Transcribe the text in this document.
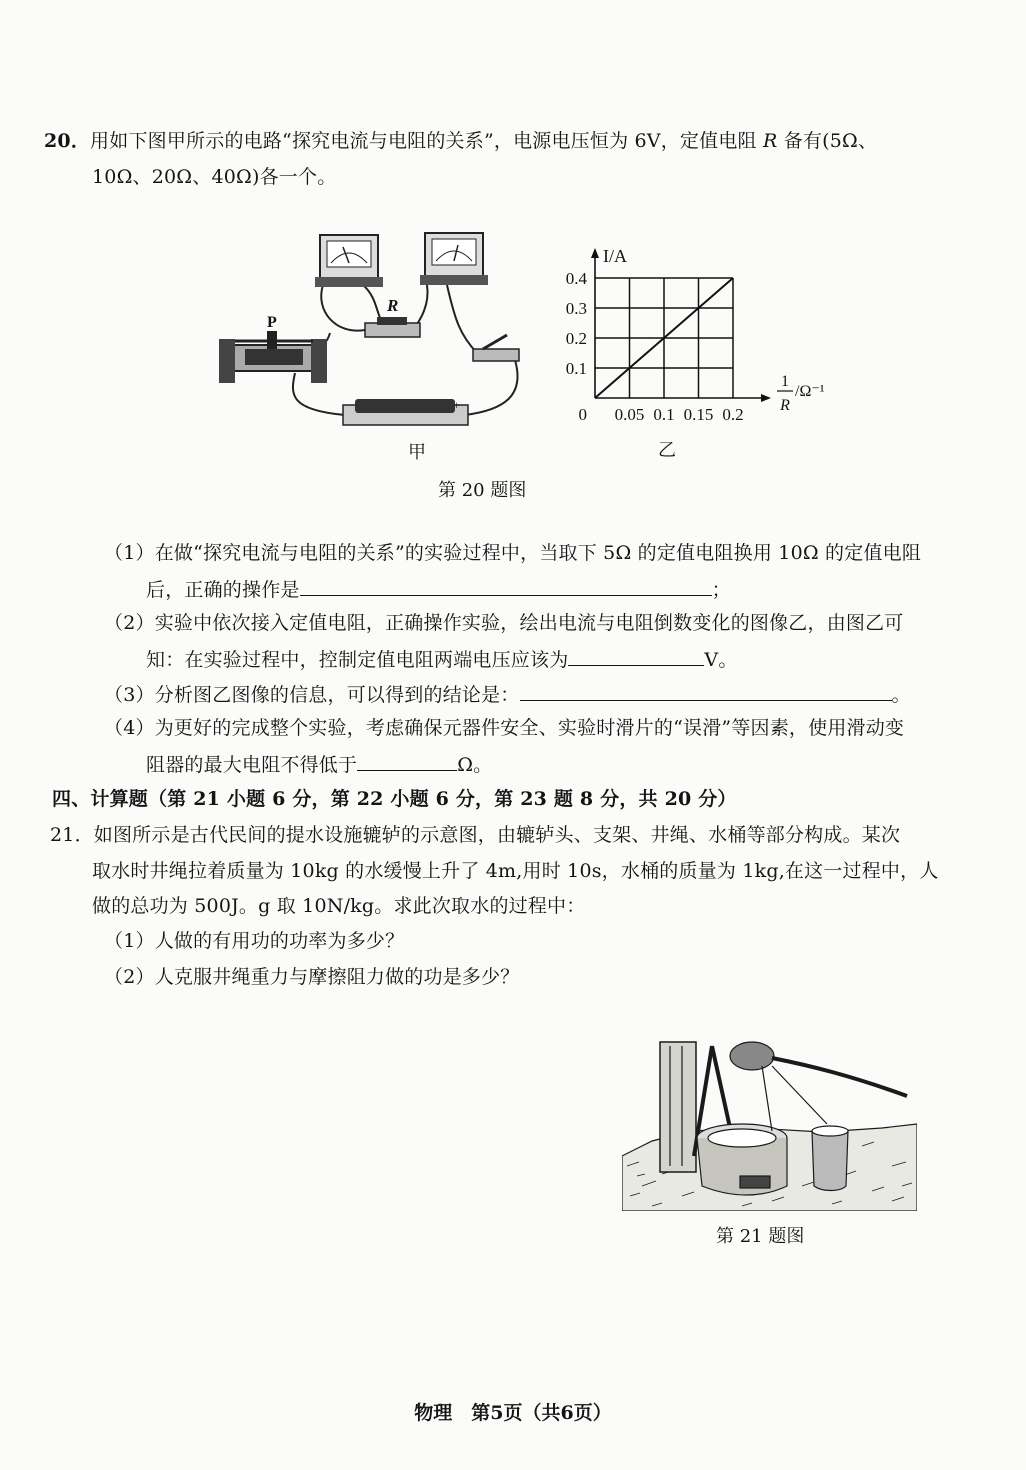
20．用如下图甲所示的电路“探究电流与电阻的关系”，电源电压恒为 6V，定值电阻 R 备有(5Ω、
10Ω、20Ω、40Ω)各一个。
R
P
+
甲
0.1
0.2
0.3
0.4
0 0.05 0.1 0.15 0.2
I/A
1
R
/Ω⁻¹
乙
第 20 题图
（1）在做“探究电流与电阻的关系”的实验过程中，当取下 5Ω 的定值电阻换用 10Ω 的定值电阻
后，正确的操作是	；
（2）实验中依次接入定值电阻，正确操作实验，绘出电流与电阻倒数变化的图像乙，由图乙可
知：在实验过程中，控制定值电阻两端电压应该为	V。
（3）分析图乙图像的信息，可以得到的结论是：	。
（4）为更好的完成整个实验，考虑确保元器件安全、实验时滑片的“误滑”等因素，使用滑动变
阻器的最大电阻不得低于	Ω。
四、计算题（第 21 小题 6 分，第 22 小题 6 分，第 23 题 8 分，共 20 分）
21．如图所示是古代民间的提水设施辘轳的示意图，由辘轳头、支架、井绳、水桶等部分构成。某次
取水时井绳拉着质量为 10kg 的水缓慢上升了 4m,用时 10s，水桶的质量为 1kg,在这一过程中，人
做的总功为 500J。g 取 10N/kg。求此次取水的过程中：
（1）人做的有用功的功率为多少？
（2）人克服井绳重力与摩擦阻力做的功是多少？
第 21 题图
物理　第5页（共6页）
